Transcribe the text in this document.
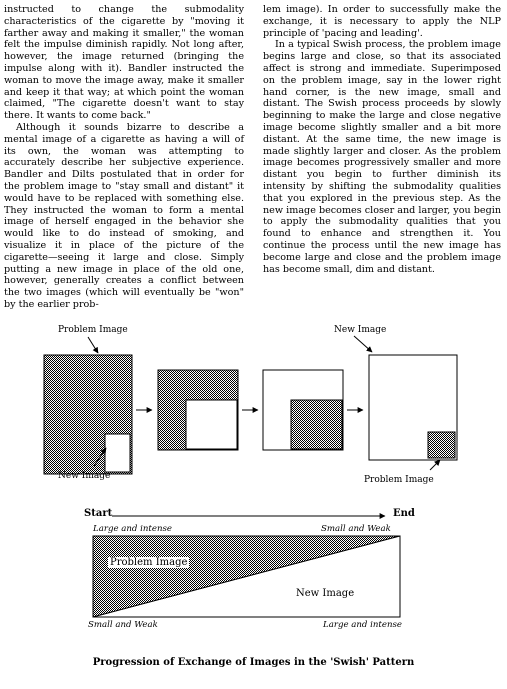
instructed to change the submodality characteristics of the cigarette by "moving it farther away and making it smaller," the woman felt the impulse diminish rapidly. Not long after, however, the image returned (bringing the impulse along with it). Bandler instructed the woman to move the image away, make it smaller and keep it that way; at which point the woman claimed, "The cigarette doesn't want to stay there. It wants to come back."

Although it sounds bizarre to describe a mental image of a cigarette as having a will of its own, the woman was attempting to accurately describe her subjective experience. Bandler and Dilts postulated that in order for the problem image to "stay small and distant" it would have to be replaced with something else. They instructed the woman to form a mental image of herself engaged in the behavior she would like to do instead of smoking, and visualize it in place of the picture of the cigarette—seeing it large and close. Simply putting a new image in place of the old one, however, generally creates a conflict between the two images (which will eventually be "won" by the earlier prob-

lem image). In order to successfully make the exchange, it is necessary to apply the NLP principle of 'pacing and leading'.

In a typical Swish process, the problem image begins large and close, so that its associated affect is strong and immediate. Superimposed on the problem image, say in the lower right hand corner, is the new image, small and distant. The Swish process proceeds by slowly beginning to make the large and close negative image become slightly smaller and a bit more distant. At the same time, the new image is made slightly larger and closer. As the problem image becomes progressively smaller and more distant you begin to further diminish its intensity by shifting the submodality qualities that you explored in the previous step. As the new image becomes closer and larger, you begin to apply the submodality qualities that you found to enhance and strengthen it. You continue the process until the new image has become large and close and the problem image has become small, dim and distant.

Problem Image	New Image
New Image	Problem Image
Start	End
Large and intense	Small and Weak
Problem Image
New Image
Small and Weak	Large and intense
Progression of Exchange of Images in the 'Swish' Pattern
